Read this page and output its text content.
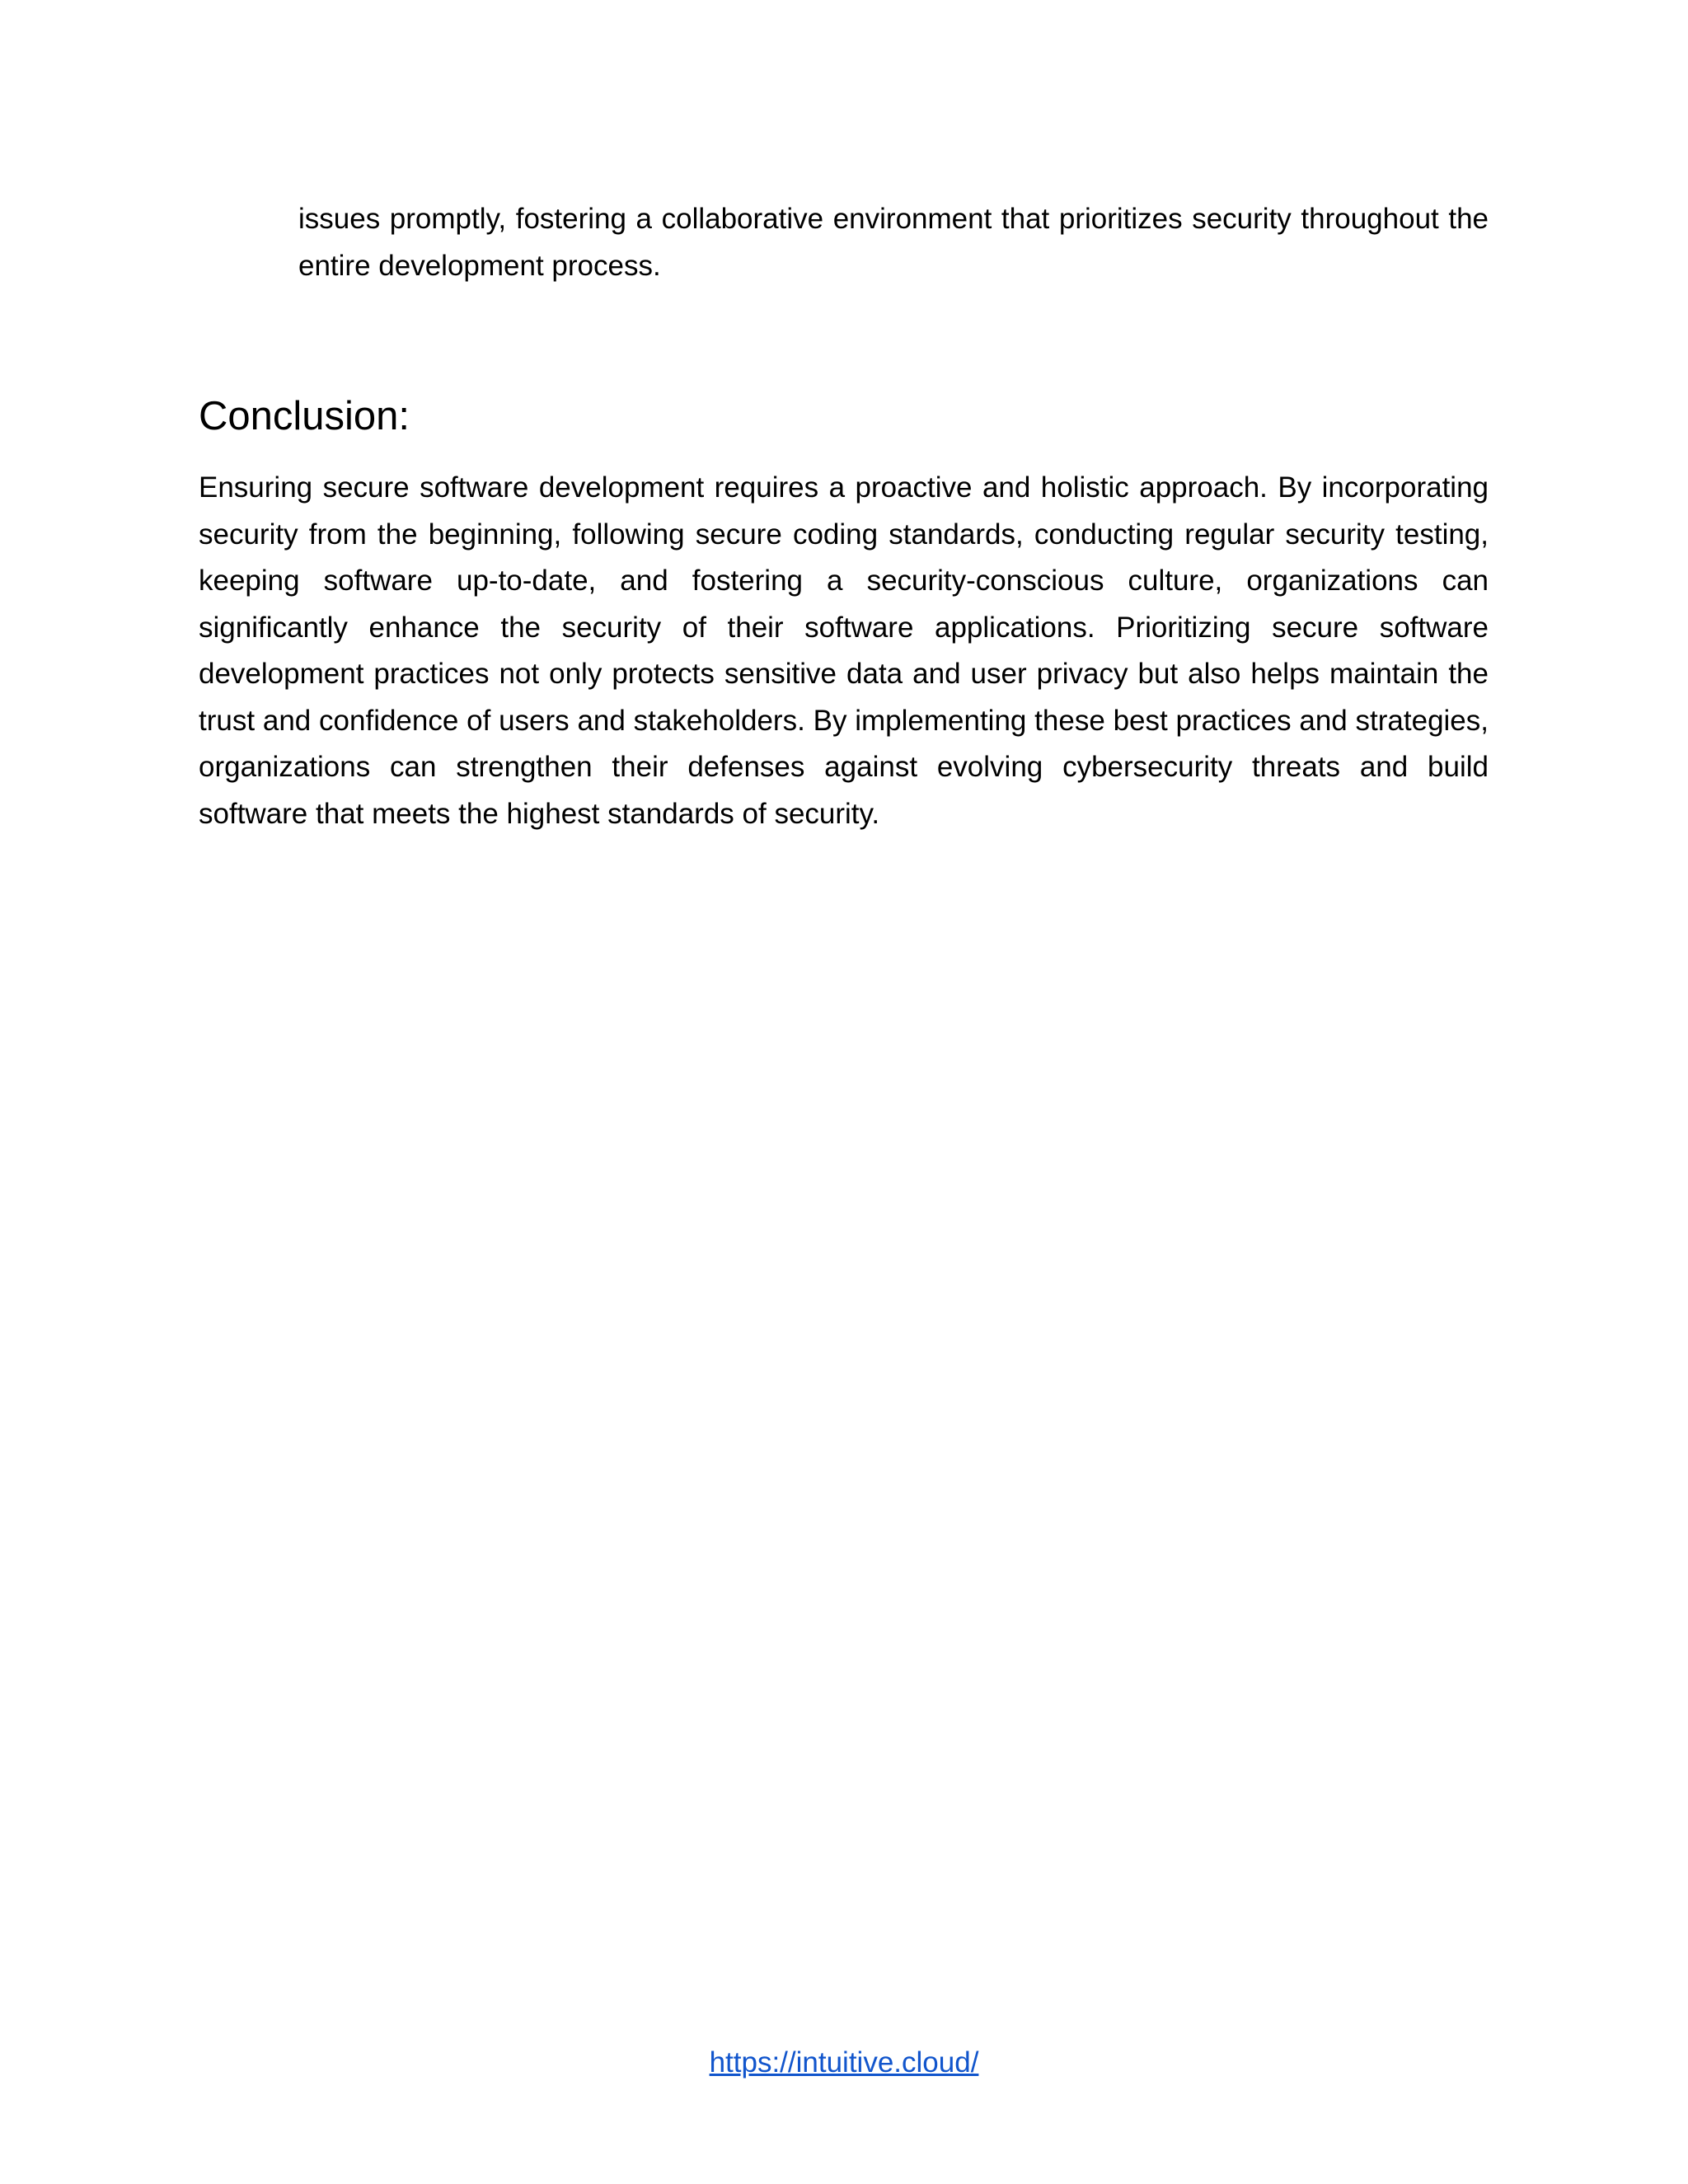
issues promptly, fostering a collaborative environment that prioritizes security throughout the entire development process.

Conclusion:

Ensuring secure software development requires a proactive and holistic approach. By incorporating security from the beginning, following secure coding standards, conducting regular security testing, keeping software up-to-date, and fostering a security-conscious culture, organizations can significantly enhance the security of their software applications. Prioritizing secure software development practices not only protects sensitive data and user privacy but also helps maintain the trust and confidence of users and stakeholders. By implementing these best practices and strategies, organizations can strengthen their defenses against evolving cybersecurity threats and build software that meets the highest standards of security.

https://intuitive.cloud/
